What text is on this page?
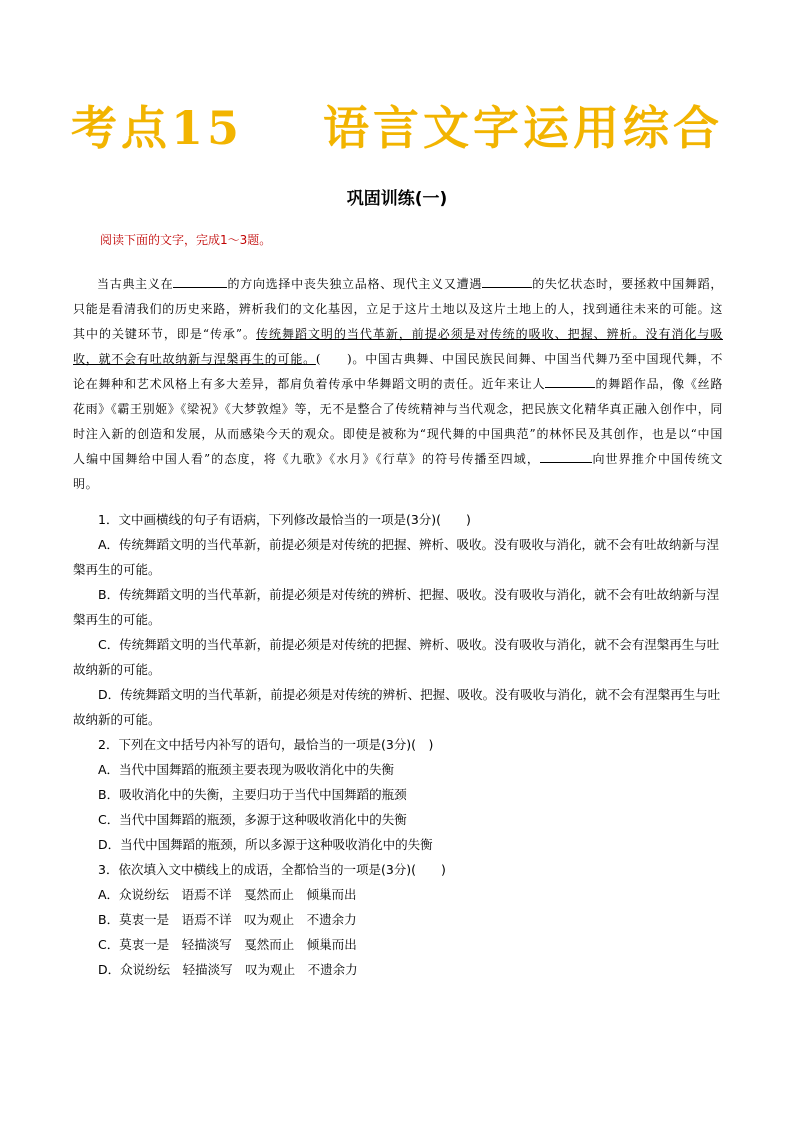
考点15 语言文字运用综合
巩固训练(一)
阅读下面的文字，完成1～3题。
当古典主义在	的方向选择中丧失独立品格、现代主义又遭遇	的失忆状态时，要拯救中国舞蹈，只能是看清我们的历史来路，辨析我们的文化基因，立足于这片土地以及这片土地上的人，找到通往未来的可能。这其中的关键环节，即是“传承”。传统舞蹈文明的当代革新，前提必须是对传统的吸收、把握、辨析。没有消化与吸收，就不会有吐故纳新与涅槃再生的可能。(　　)。中国古典舞、中国民族民间舞、中国当代舞乃至中国现代舞，不论在舞种和艺术风格上有多大差异，都肩负着传承中华舞蹈文明的责任。近年来让人	的舞蹈作品，像《丝路花雨》《霸王别姬》《梁祝》《大梦敦煌》等，无不是整合了传统精神与当代观念，把民族文化精华真正融入创作中，同时注入新的创造和发展，从而感染今天的观众。即使是被称为“现代舞的中国典范”的林怀民及其创作，也是以“中国人编中国舞给中国人看”的态度，将《九歌》《水月》《行草》的符号传播至四域，	向世界推介中国传统文明。

1．文中画横线的句子有语病，下列修改最恰当的一项是(3分)(　　)

A．传统舞蹈文明的当代革新，前提必须是对传统的把握、辨析、吸收。没有吸收与消化，就不会有吐故纳新与涅槃再生的可能。

B．传统舞蹈文明的当代革新，前提必须是对传统的辨析、把握、吸收。没有吸收与消化，就不会有吐故纳新与涅槃再生的可能。

C．传统舞蹈文明的当代革新，前提必须是对传统的把握、辨析、吸收。没有吸收与消化，就不会有涅槃再生与吐故纳新的可能。

D．传统舞蹈文明的当代革新，前提必须是对传统的辨析、把握、吸收。没有吸收与消化，就不会有涅槃再生与吐故纳新的可能。

2．下列在文中括号内补写的语句，最恰当的一项是(3分)(　)

A．当代中国舞蹈的瓶颈主要表现为吸收消化中的失衡

B．吸收消化中的失衡，主要归功于当代中国舞蹈的瓶颈

C．当代中国舞蹈的瓶颈，多源于这种吸收消化中的失衡

D．当代中国舞蹈的瓶颈，所以多源于这种吸收消化中的失衡

3．依次填入文中横线上的成语，全都恰当的一项是(3分)(　　)

A．众说纷纭　语焉不详　戛然而止　倾巢而出

B．莫衷一是　语焉不详　叹为观止　不遗余力

C．莫衷一是　轻描淡写　戛然而止　倾巢而出

D．众说纷纭　轻描淡写　叹为观止　不遗余力
